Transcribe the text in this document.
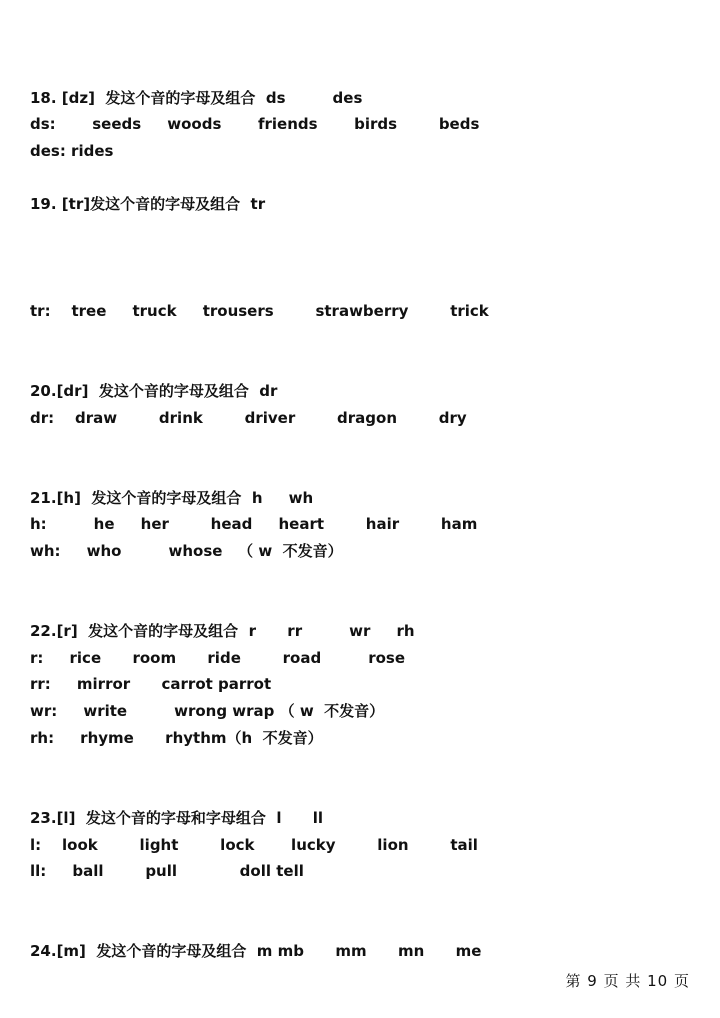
18. [dz]  发这个音的字母及组合  ds         des
ds:       seeds     woods       friends       birds        beds
des: rides
19. [tr]发这个音的字母及组合  tr
tr:    tree     truck     trousers        strawberry        trick
20.[dr]  发这个音的字母及组合  dr
dr:    draw        drink        driver        dragon        dry
21.[h]  发这个音的字母及组合  h     wh
h:         he     her        head     heart        hair        ham
wh:     who         whose   （ w  不发音）
22.[r]  发这个音的字母及组合  r      rr         wr     rh
r:     rice      room      ride        road         rose
rr:     mirror      carrot parrot
wr:     write         wrong wrap （ w  不发音）
rh:     rhyme      rhythm（h  不发音）
23.[l]  发这个音的字母和字母组合  l      ll
l:    look        light        lock       lucky        lion        tail
ll:     ball        pull            doll tell
24.[m]  发这个音的字母及组合  m mb      mm      mn      me
第 9 页 共 10 页
